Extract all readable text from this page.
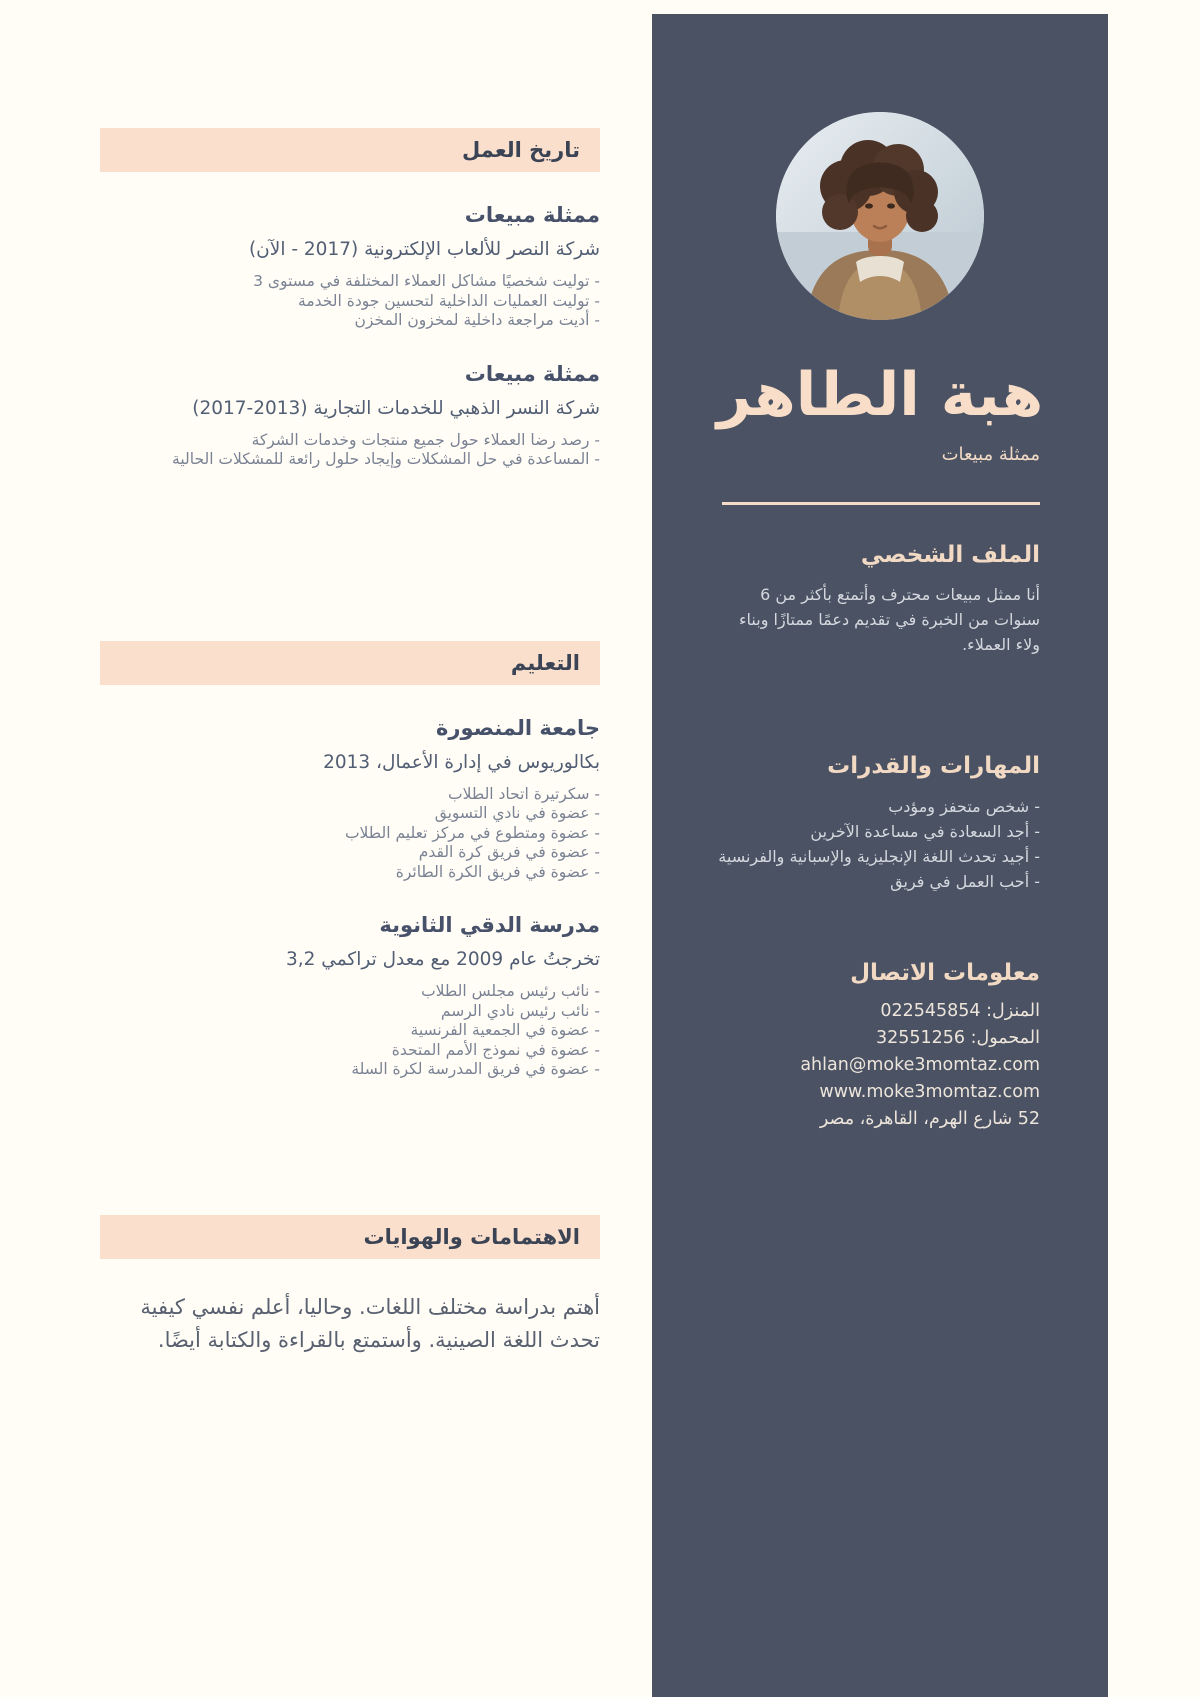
تاريخ العمل
ممثلة مبيعات
شركة النصر للألعاب الإلكترونية (2017 - الآن)
- توليت شخصيًا مشاكل العملاء المختلفة في مستوى 3
- توليت العمليات الداخلية لتحسين جودة الخدمة
- أديت مراجعة داخلية لمخزون المخزن
ممثلة مبيعات
شركة النسر الذهبي للخدمات التجارية (2013-2017)
- رصد رضا العملاء حول جميع منتجات وخدمات الشركة
- المساعدة في حل المشكلات وإيجاد حلول رائعة للمشكلات الحالية
التعليم
جامعة المنصورة
بكالوريوس في إدارة الأعمال، 2013
- سكرتيرة اتحاد الطلاب
- عضوة في نادي التسويق
- عضوة ومتطوع في مركز تعليم الطلاب
- عضوة في فريق كرة القدم
- عضوة في فريق الكرة الطائرة
مدرسة الدقي الثانوية
تخرجتُ عام 2009 مع معدل تراكمي 3,2
- نائب رئيس مجلس الطلاب
- نائب رئيس نادي الرسم
- عضوة في الجمعية الفرنسية
- عضوة في نموذج الأمم المتحدة
- عضوة في فريق المدرسة لكرة السلة
الاهتمامات والهوايات
أهتم بدراسة مختلف اللغات. وحاليا، أعلم نفسي كيفية تحدث اللغة الصينية. وأستمتع بالقراءة والكتابة أيضًا.
هبة الطاهر
ممثلة مبيعات
الملف الشخصي
أنا ممثل مبيعات محترف وأتمتع بأكثر من 6 سنوات من الخبرة في تقديم دعمًا ممتازًا وبناء ولاء العملاء.
المهارات والقدرات
- شخص متحفز ومؤدب
- أجد السعادة في مساعدة الآخرين
- أجيد تحدث اللغة الإنجليزية والإسبانية والفرنسية
- أحب العمل في فريق
معلومات الاتصال
المنزل: 022545854
المحمول: 32551256
ahlan@moke3momtaz.com
www.moke3momtaz.com
52 شارع الهرم، القاهرة، مصر
